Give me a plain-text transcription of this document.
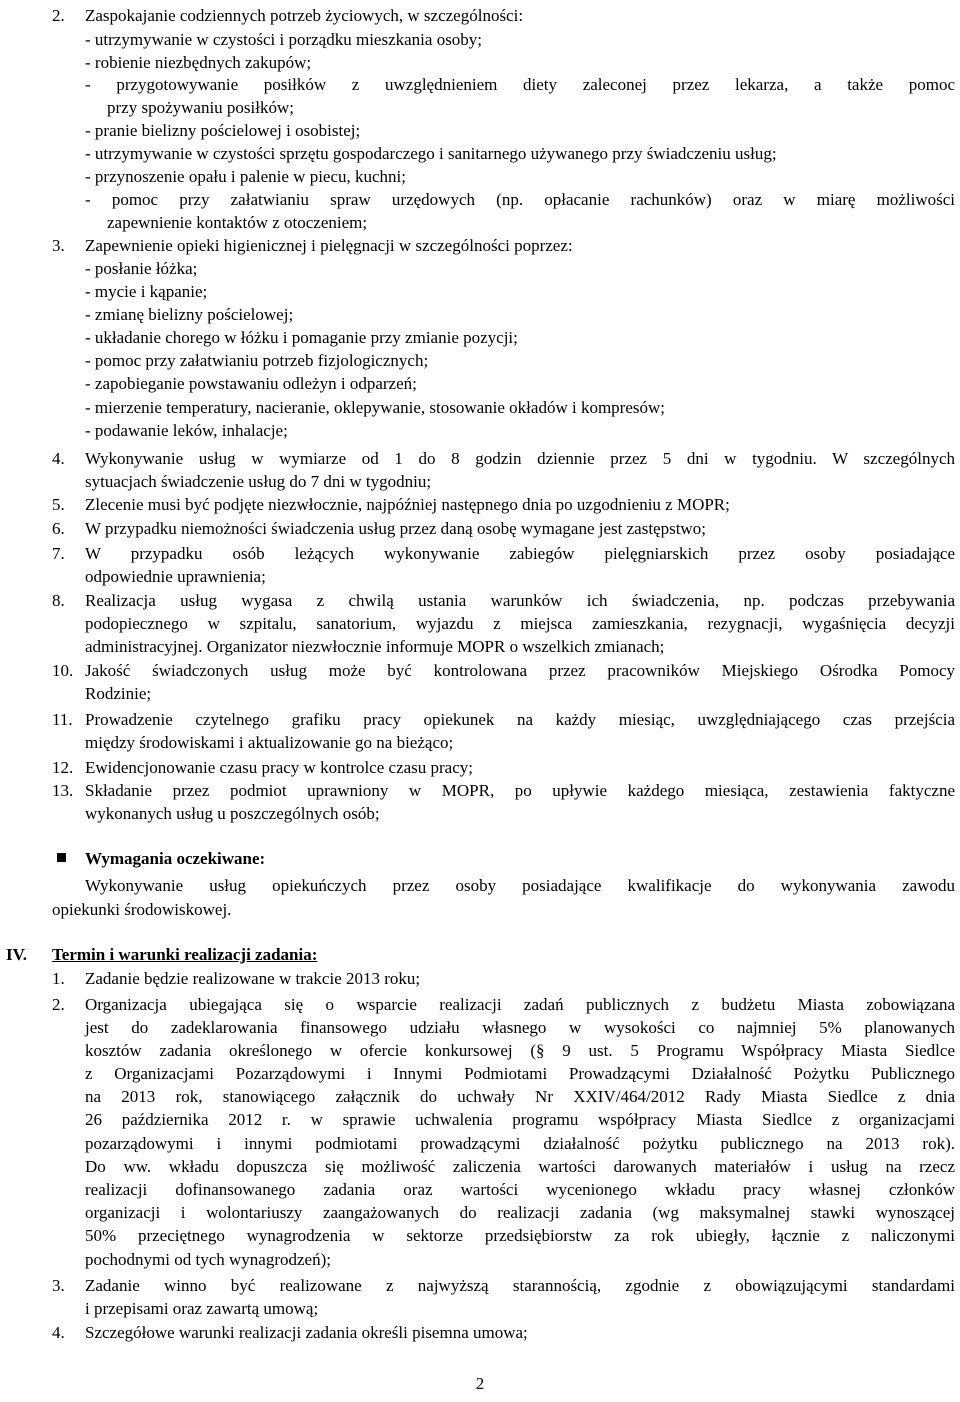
2. Zaspokajanie codziennych potrzeb życiowych, w szczególności:
- utrzymywanie w czystości i porządku mieszkania osoby;
- robienie niezbędnych zakupów;
- przygotowywanie posiłków z uwzględnieniem diety zaleconej przez lekarza, a także pomoc
przy spożywaniu posiłków;
- pranie bielizny pościelowej i osobistej;
- utrzymywanie w czystości sprzętu gospodarczego i sanitarnego używanego przy świadczeniu usług;
- przynoszenie opału i palenie w piecu, kuchni;
- pomoc przy załatwianiu spraw urzędowych (np. opłacanie rachunków) oraz w miarę możliwości
zapewnienie kontaktów z otoczeniem;
3. Zapewnienie opieki higienicznej i pielęgnacji w szczególności poprzez:
- posłanie łóżka;
- mycie i kąpanie;
- zmianę bielizny pościelowej;
- układanie chorego w łóżku i pomaganie przy zmianie pozycji;
- pomoc przy załatwianiu potrzeb fizjologicznych;
- zapobieganie powstawaniu odleżyn i odparzeń;
- mierzenie temperatury, nacieranie, oklepywanie, stosowanie okładów i kompresów;
- podawanie leków, inhalacje;
4. Wykonywanie usług w wymiarze od 1 do 8 godzin dziennie przez 5 dni w tygodniu. W szczególnych
sytuacjach świadczenie usług do 7 dni w tygodniu;
5. Zlecenie musi być podjęte niezwłocznie, najpóźniej następnego dnia po uzgodnieniu z MOPR;
6. W przypadku niemożności świadczenia usług przez daną osobę wymagane jest zastępstwo;
7. W przypadku osób leżących wykonywanie zabiegów pielęgniarskich przez osoby posiadające
odpowiednie uprawnienia;
8. Realizacja usług wygasa z chwilą ustania warunków ich świadczenia, np. podczas przebywania
podopiecznego w szpitalu, sanatorium, wyjazdu z miejsca zamieszkania, rezygnacji, wygaśnięcia decyzji
administracyjnej. Organizator niezwłocznie informuje MOPR o wszelkich zmianach;
10. Jakość świadczonych usług może być kontrolowana przez pracowników Miejskiego Ośrodka Pomocy
Rodzinie;
11. Prowadzenie czytelnego grafiku pracy opiekunek na każdy miesiąc, uwzględniającego czas przejścia
między środowiskami i aktualizowanie go na bieżąco;
12. Ewidencjonowanie czasu pracy w kontrolce czasu pracy;
13. Składanie przez podmiot uprawniony w MOPR, po upływie każdego miesiąca, zestawienia faktyczne
wykonanych usług u poszczególnych osób;
Wymagania oczekiwane:
Wykonywanie usług opiekuńczych przez osoby posiadające kwalifikacje do wykonywania zawodu
opiekunki środowiskowej.
IV. Termin i warunki realizacji zadania:
1. Zadanie będzie realizowane w trakcie 2013 roku;
2. Organizacja ubiegająca się o wsparcie realizacji zadań publicznych z budżetu Miasta zobowiązana
jest do zadeklarowania finansowego udziału własnego w wysokości co najmniej 5% planowanych
kosztów zadania określonego w ofercie konkursowej (§ 9 ust. 5 Programu Współpracy Miasta Siedlce
z Organizacjami Pozarządowymi i Innymi Podmiotami Prowadzącymi Działalność Pożytku Publicznego
na 2013 rok, stanowiącego załącznik do uchwały Nr XXIV/464/2012 Rady Miasta Siedlce z dnia
26 października 2012 r. w sprawie uchwalenia programu współpracy Miasta Siedlce z organizacjami
pozarządowymi i innymi podmiotami prowadzącymi działalność pożytku publicznego na 2013 rok).
Do ww. wkładu dopuszcza się możliwość zaliczenia wartości darowanych materiałów i usług na rzecz
realizacji dofinansowanego zadania oraz wartości wycenionego wkładu pracy własnej członków
organizacji i wolontariuszy zaangażowanych do realizacji zadania (wg maksymalnej stawki wynoszącej
50% przeciętnego wynagrodzenia w sektorze przedsiębiorstw za rok ubiegły, łącznie z naliczonymi
pochodnymi od tych wynagrodzeń);
3. Zadanie winno być realizowane z najwyższą starannością, zgodnie z obowiązującymi standardami
i przepisami oraz zawartą umową;
4. Szczegółowe warunki realizacji zadania określi pisemna umowa;
2
